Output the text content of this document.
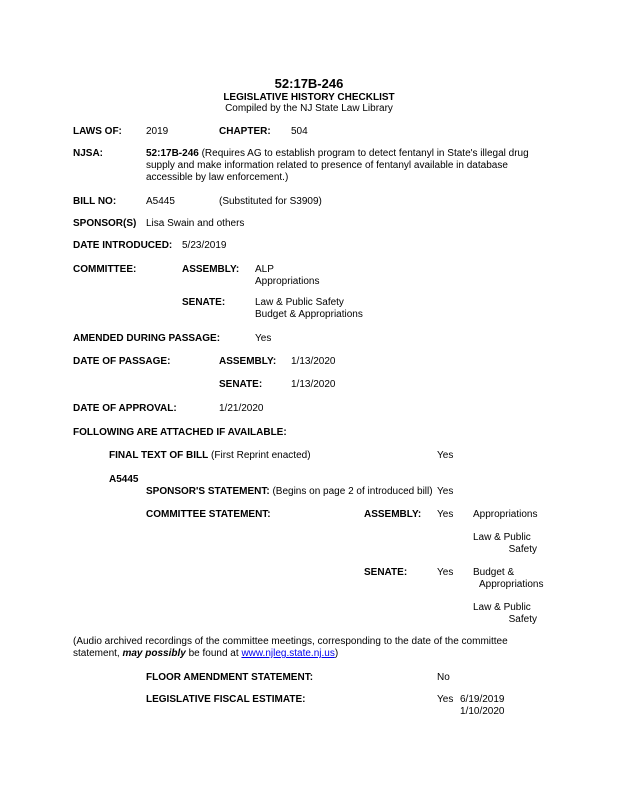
52:17B-246
LEGISLATIVE HISTORY CHECKLIST
Compiled by the NJ State Law Library
LAWS OF: 2019	CHAPTER: 504
NJSA:	52:17B-246 (Requires AG to establish program to detect fentanyl in State's illegal drug
supply and make information related to presence of fentanyl available in database
accessible by law enforcement.)
BILL NO:	A5445	(Substituted for S3909)
SPONSOR(S) Lisa Swain and others
DATE INTRODUCED: 5/23/2019
COMMITTEE:	ASSEMBLY: ALP
Appropriations
SENATE:	Law & Public Safety
Budget & Appropriations
AMENDED DURING PASSAGE:	Yes
DATE OF PASSAGE:	ASSEMBLY: 1/13/2020
SENATE:	1/13/2020
DATE OF APPROVAL:	1/21/2020
FOLLOWING ARE ATTACHED IF AVAILABLE:
FINAL TEXT OF BILL (First Reprint enacted)	Yes
A5445
SPONSOR'S STATEMENT: (Begins on page 2 of introduced bill) Yes
COMMITTEE STATEMENT:	ASSEMBLY: Yes Appropriations
Law & Public
Safety
SENATE:	Yes Budget &
Appropriations
Law & Public
Safety
(Audio archived recordings of the committee meetings, corresponding to the date of the committee
statement, may possibly be found at www.njleg.state.nj.us)
FLOOR AMENDMENT STATEMENT:	No
LEGISLATIVE FISCAL ESTIMATE:	Yes 6/19/2019
1/10/2020
